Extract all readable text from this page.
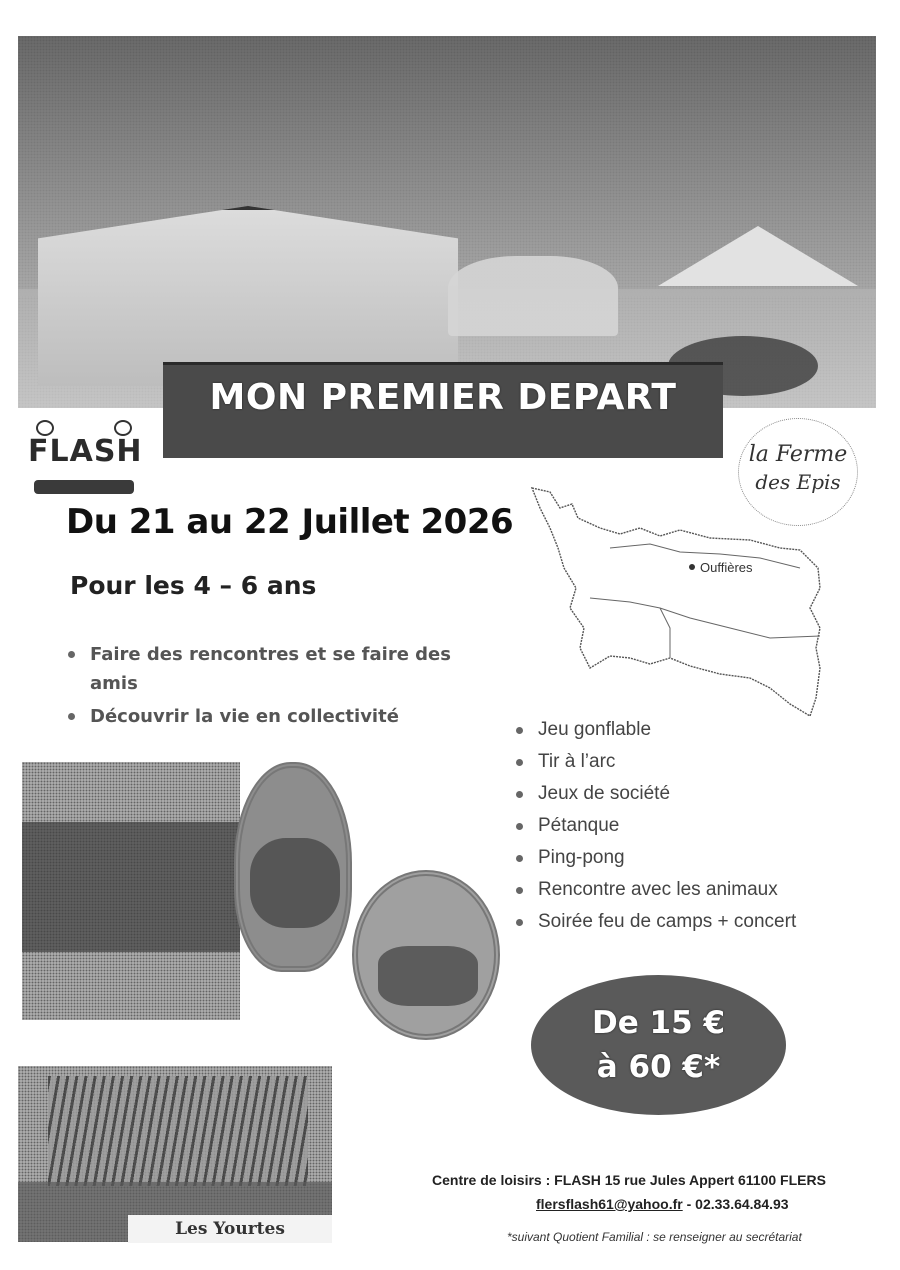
MON PREMIER DEPART
FLASH	la Ferme
des Epis
Du 21 au 22 Juillet 2026
Pour les 4 – 6 ans
Faire des rencontres et se faire des amis
Découvrir la vie en collectivité
Ouffières
Jeu gonflable
Tir à l’arc
Jeux de société
Pétanque
Ping-pong
Rencontre avec les animaux
Soirée feu de camps + concert
De 15 €
à 60 €*
Les Yourtes
Centre de loisirs : FLASH 15 rue Jules Appert 61100 FLERS
flersflash61@yahoo.fr - 02.33.64.84.93
*suivant Quotient Familial : se renseigner au secrétariat
